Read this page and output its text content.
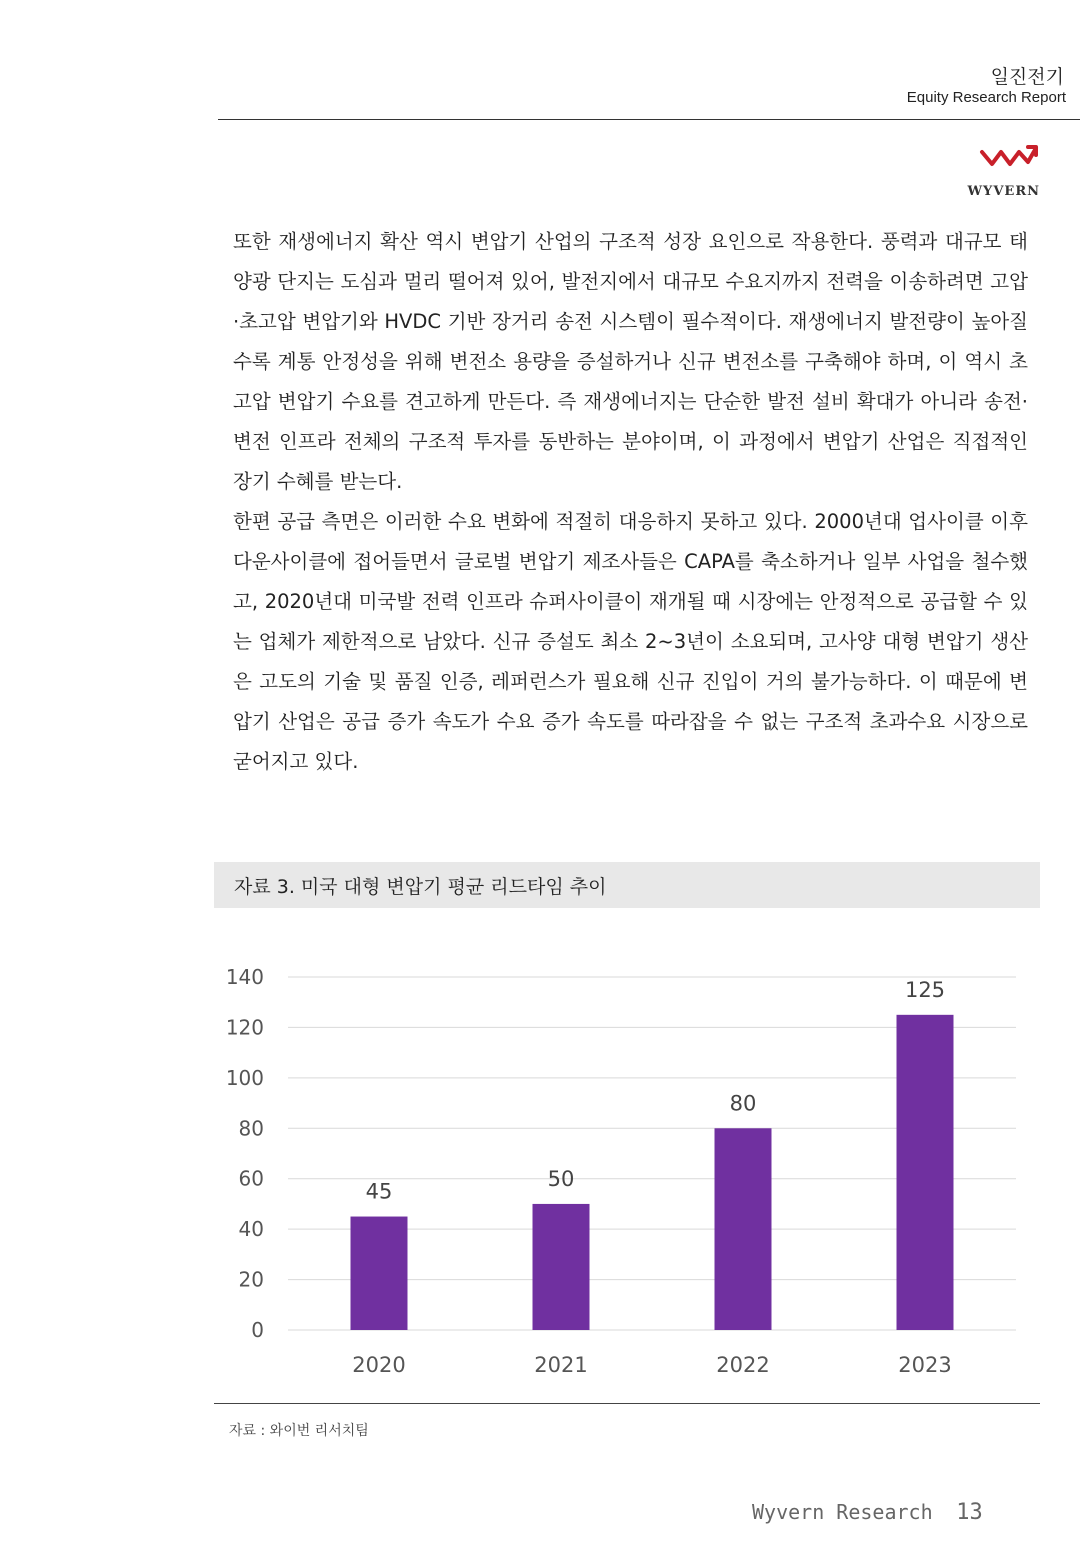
일진전기
Equity Research Report
WYVERN

또한 재생에너지 확산 역시 변압기 산업의 구조적 성장 요인으로 작용한다. 풍력과 대규모 태양광 단지는 도심과 멀리 떨어져 있어, 발전지에서 대규모 수요지까지 전력을 이송하려면 고압·초고압 변압기와 HVDC 기반 장거리 송전 시스템이 필수적이다. 재생에너지 발전량이 높아질수록 계통 안정성을 위해 변전소 용량을 증설하거나 신규 변전소를 구축해야 하며, 이 역시 초고압 변압기 수요를 견고하게 만든다. 즉 재생에너지는 단순한 발전 설비 확대가 아니라 송전·변전 인프라 전체의 구조적 투자를 동반하는 분야이며, 이 과정에서 변압기 산업은 직접적인 장기 수혜를 받는다.

한편 공급 측면은 이러한 수요 변화에 적절히 대응하지 못하고 있다. 2000년대 업사이클 이후 다운사이클에 접어들면서 글로벌 변압기 제조사들은 CAPA를 축소하거나 일부 사업을 철수했고, 2020년대 미국발 전력 인프라 슈퍼사이클이 재개될 때 시장에는 안정적으로 공급할 수 있는 업체가 제한적으로 남았다. 신규 증설도 최소 2~3년이 소요되며, 고사양 대형 변압기 생산은 고도의 기술 및 품질 인증, 레퍼런스가 필요해 신규 진입이 거의 불가능하다. 이 때문에 변압기 산업은 공급 증가 속도가 수요 증가 속도를 따라잡을 수 없는 구조적 초과수요 시장으로 굳어지고 있다.

자료 3. 미국 대형 변압기 평균 리드타임 추이
0
20
40
60
80
100
120
140
45
2020
50
2021
80
2022
125
2023
자료 : 와이번 리서치팀
Wyvern Research 13
